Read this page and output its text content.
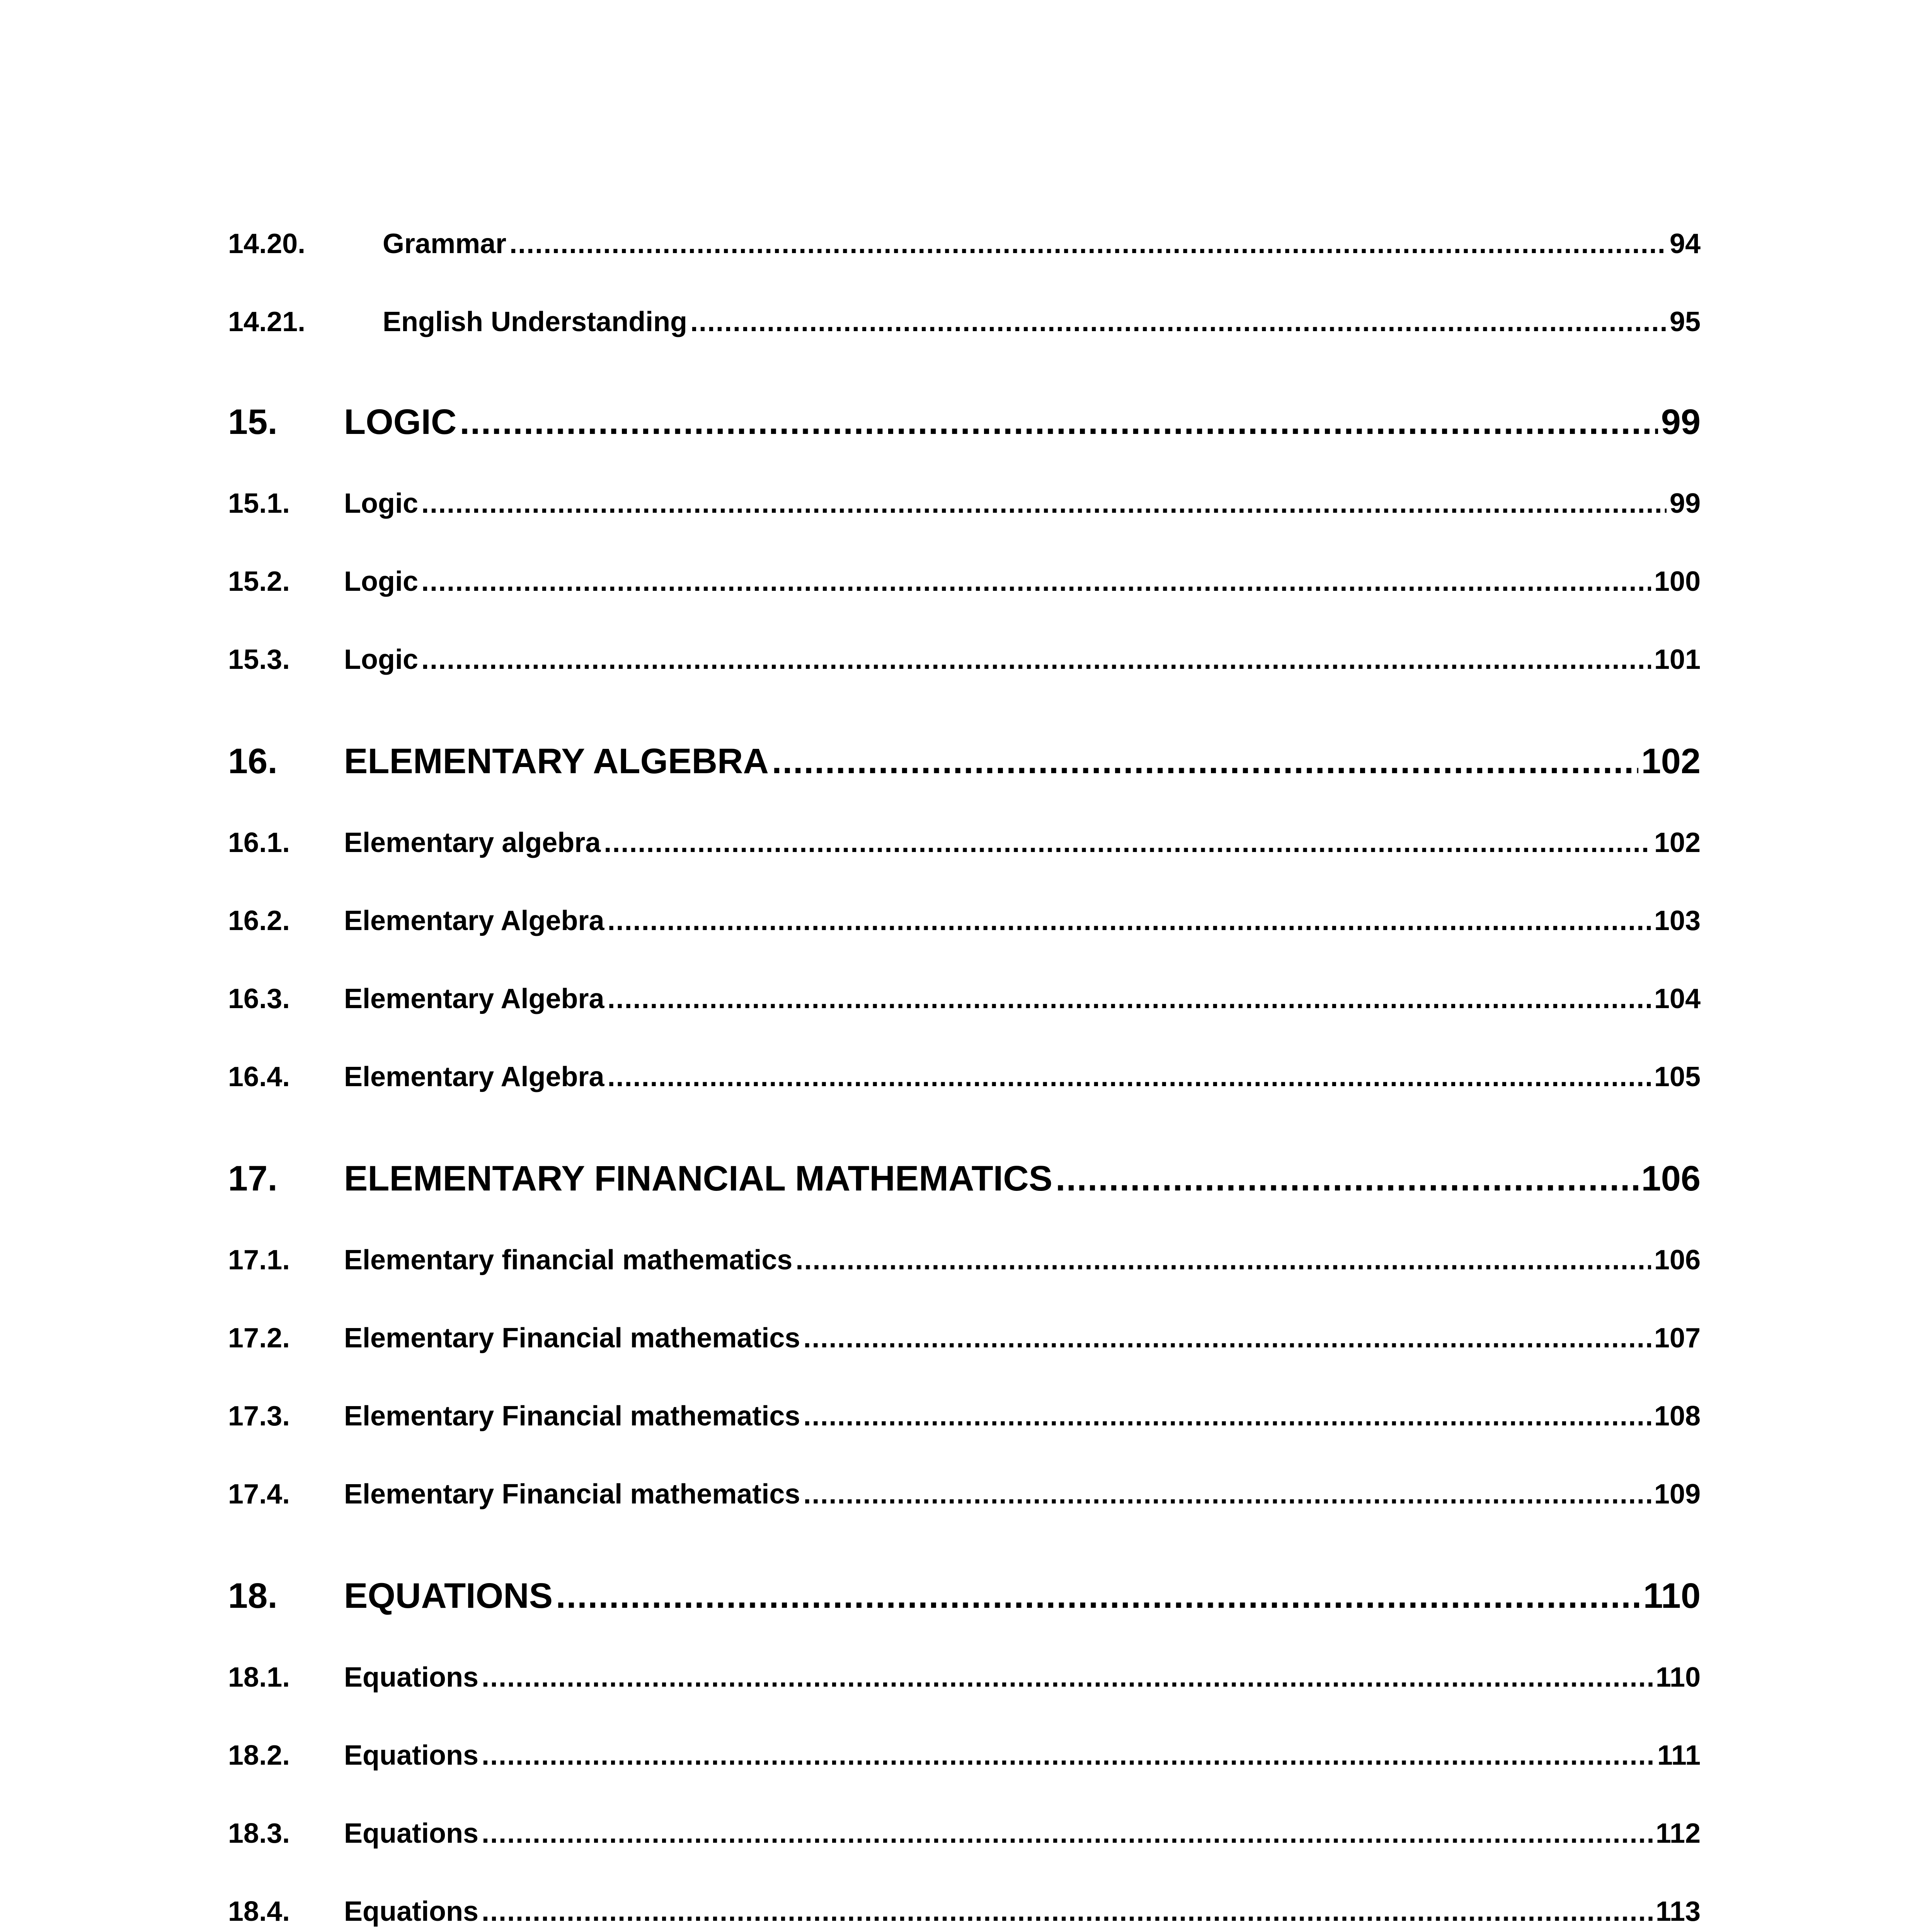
14.20.	Grammar .....	94
14.21.	English Understanding .....	95
15.	LOGIC .....	99
15.1.	Logic .....	99
15.2.	Logic .....	100
15.3.	Logic .....	101
16.	ELEMENTARY ALGEBRA .....	102
16.1.	Elementary algebra .....	102
16.2.	Elementary Algebra .....	103
16.3.	Elementary Algebra .....	104
16.4.	Elementary Algebra .....	105
17.	ELEMENTARY FINANCIAL MATHEMATICS .....	106
17.1.	Elementary financial mathematics .....	106
17.2.	Elementary Financial mathematics .....	107
17.3.	Elementary Financial mathematics .....	108
17.4.	Elementary Financial mathematics .....	109
18.	EQUATIONS .....	110
18.1.	Equations .....	110
18.2.	Equations .....	111
18.3.	Equations .....	112
18.4.	Equations .....	113
